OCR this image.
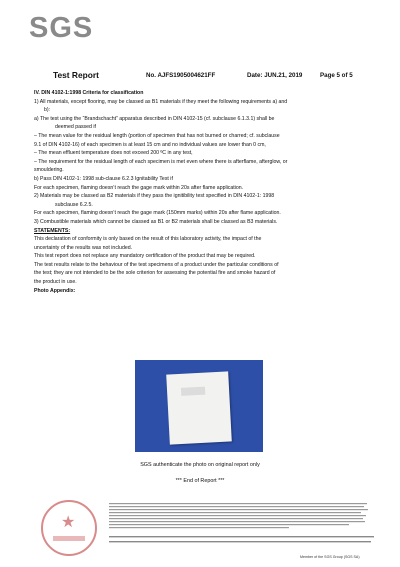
SGS
Test Report	No. AJFS1905004621FF	Date: JUN.21, 2019	Page 5 of 5

IV. DIN 4102-1:1998 Criteria for classification

1) All materials, except flooring, may be classed as B1 materials if they meet the following requirements a) and

b):

a) The test using the “Brandschacht” apparatus described in DIN 4102-15 (cf. subclause 6.1.3.1) shall be

deemed passed if

– The mean value for the residual length (portion of specimen that has not burned or charred; cf. subclause

9.1 of DIN 4102-16) of each specimen is at least 15 cm and no individual values are lower than 0 cm,

– The mean effluent temperature does not exceed 200 ºC in any test,

– The requirement for the residual length of each specimen is met even where there is afterflame, afterglow, or

smouldering.

b) Pass DIN 4102-1: 1998 sub-clause 6.2.3 Ignitability Test if

For each specimen, flaming doesn’t reach the gage mark within 20s after flame application.

2) Materials may be classed as B2 materials if they pass the ignitibility test specified in DIN 4102-1: 1998

subclause 6.2.5.

For each specimen, flaming doesn’t reach the gage mark (150mm marks) within 20s after flame application.

3) Combustible materials which cannot be classed as B1 or B2 materials shall be classed as B3 materials.

STATEMENTS:

This declaration of conformity is only based on the result of this laboratory activity, the impact of the

uncertainty of the results was not included.

This test report does not replace any mandatory certification of the product that may be required.

The test results relate to the behaviour of the test specimens of a product under the particular conditions of

the test; they are not intended to be the sole criterion for assessing the potential fire and smoke hazard of

the product in use.

Photo Appendix:

SGS authenticate the photo on original report only
*** End of Report ***
★
Member of the SGS Group (SGS SA)
